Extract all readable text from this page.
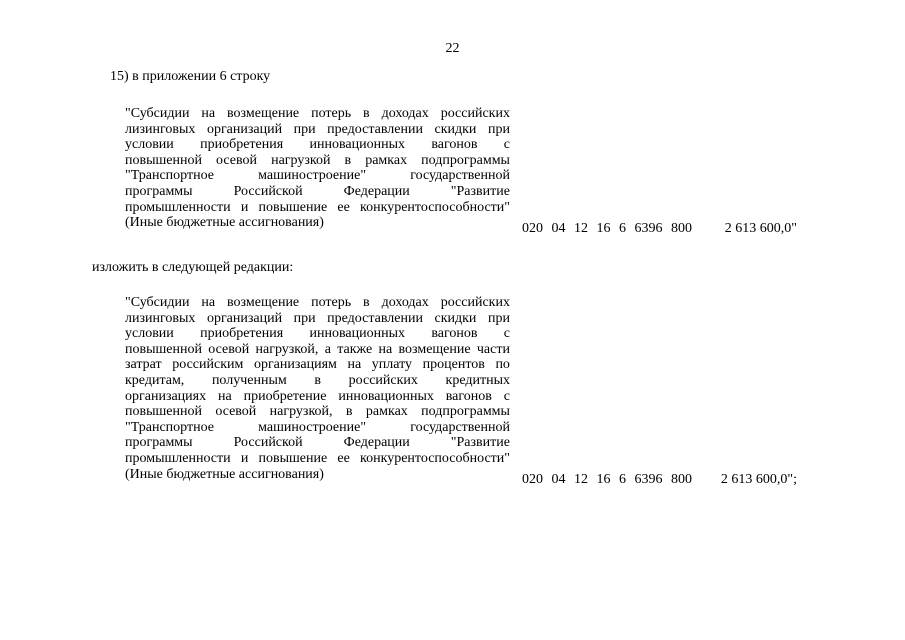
22
15) в приложении 6 строку
"Субсидии на возмещение потерь в доходах российских
лизинговых организаций при предоставлении скидки при
условии приобретения инновационных вагонов с
повышенной осевой нагрузкой в рамках подпрограммы
"Транспортное	машиностроение"	государственной
программы	Российской	Федерации	"Развитие
промышленности и повышение ее конкурентоспособности"
(Иные бюджетные ассигнования)	020 04 12 16 6 6396 800	2 613 600,0"
изложить в следующей редакции:
"Субсидии на возмещение потерь в доходах российских
лизинговых организаций при предоставлении скидки при
условии приобретения инновационных вагонов с
повышенной осевой нагрузкой, а также на возмещение части
затрат российским организациям на уплату процентов по
кредитам, полученным в российских кредитных
организациях на приобретение инновационных вагонов с
повышенной осевой нагрузкой, в рамках подпрограммы
"Транспортное	машиностроение"	государственной
программы	Российской	Федерации	"Развитие
промышленности и повышение ее конкурентоспособности"
(Иные бюджетные ассигнования)	020 04 12 16 6 6396 800	2 613 600,0";
